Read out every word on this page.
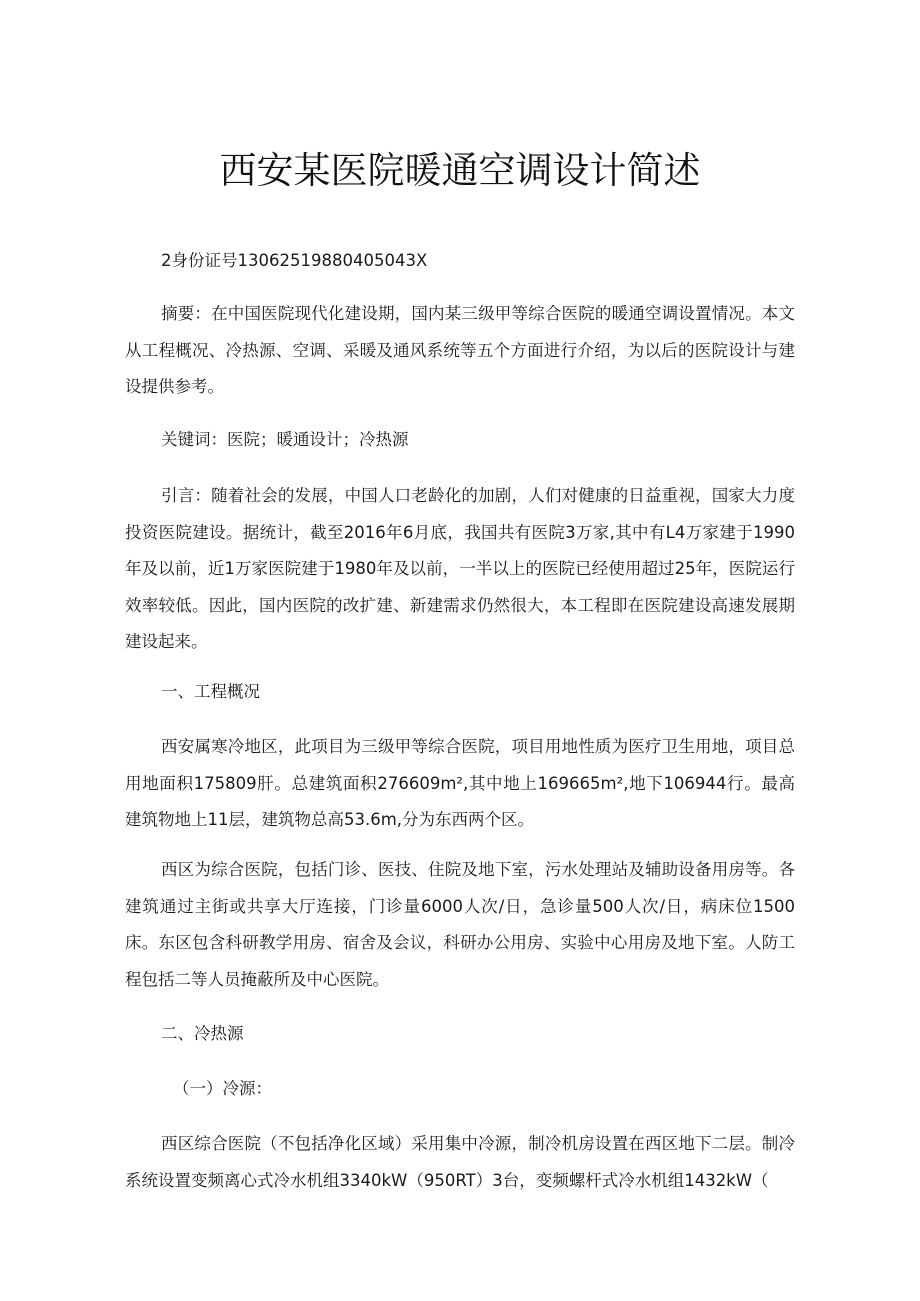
西安某医院暖通空调设计简述
2身份证号130625198804050​43X

摘要：在中国医院现代化建设期，国内某三级甲等综合医院的暖通空调设置情况。本文从工程概况、冷热源、空调、采暖及通风系统等五个方面进行介绍，为以后的医院设计与建设提供参考。

关键词：医院；暖通设计；冷热源

引言：随着社会的发展，中国人口老龄化的加剧，人们对健康的日益重视，国家大力度投资医院建设。据统计，截至2016年6月底，我国共有医院3万家,其中有L4万家建于1990年及以前，近1万家医院建于1980年及以前，一半以上的医院已经使用超过25年，医院运行效率较低。因此，国内医院的改扩建、新建需求仍然很大，本工程即在医院建设高速发展期建设起来。

一、工程概况

西安属寒冷地区，此项目为三级甲等综合医院，项目用地性质为医疗卫生用地，项目总用地面积175809肝。总建筑面积276609m²,其中地上169665m²,地下106944行。最高建筑物地上11层，建筑物总高53.6m,分为东西两个区。

西区为综合医院，包括门诊、医技、住院及地下室，污水处理站及辅助设备用房等。各建筑通过主街或共享大厅连接，门诊量6000人次/日，急诊量500人次/日，病床位1500床。东区包含科研教学用房、宿舍及会议，科研办公用房、实验中心用房及地下室。人防工程包括二等人员掩蔽所及中心医院。

二、冷热源
（一）冷源：

西区综合医院（不包括净化区域）采用集中冷源，制冷机房设置在西区地下二层。制冷系统设置变频离心式冷水机组3340kW（950RT）3台，变频螺杆式冷水机组1432kW（
